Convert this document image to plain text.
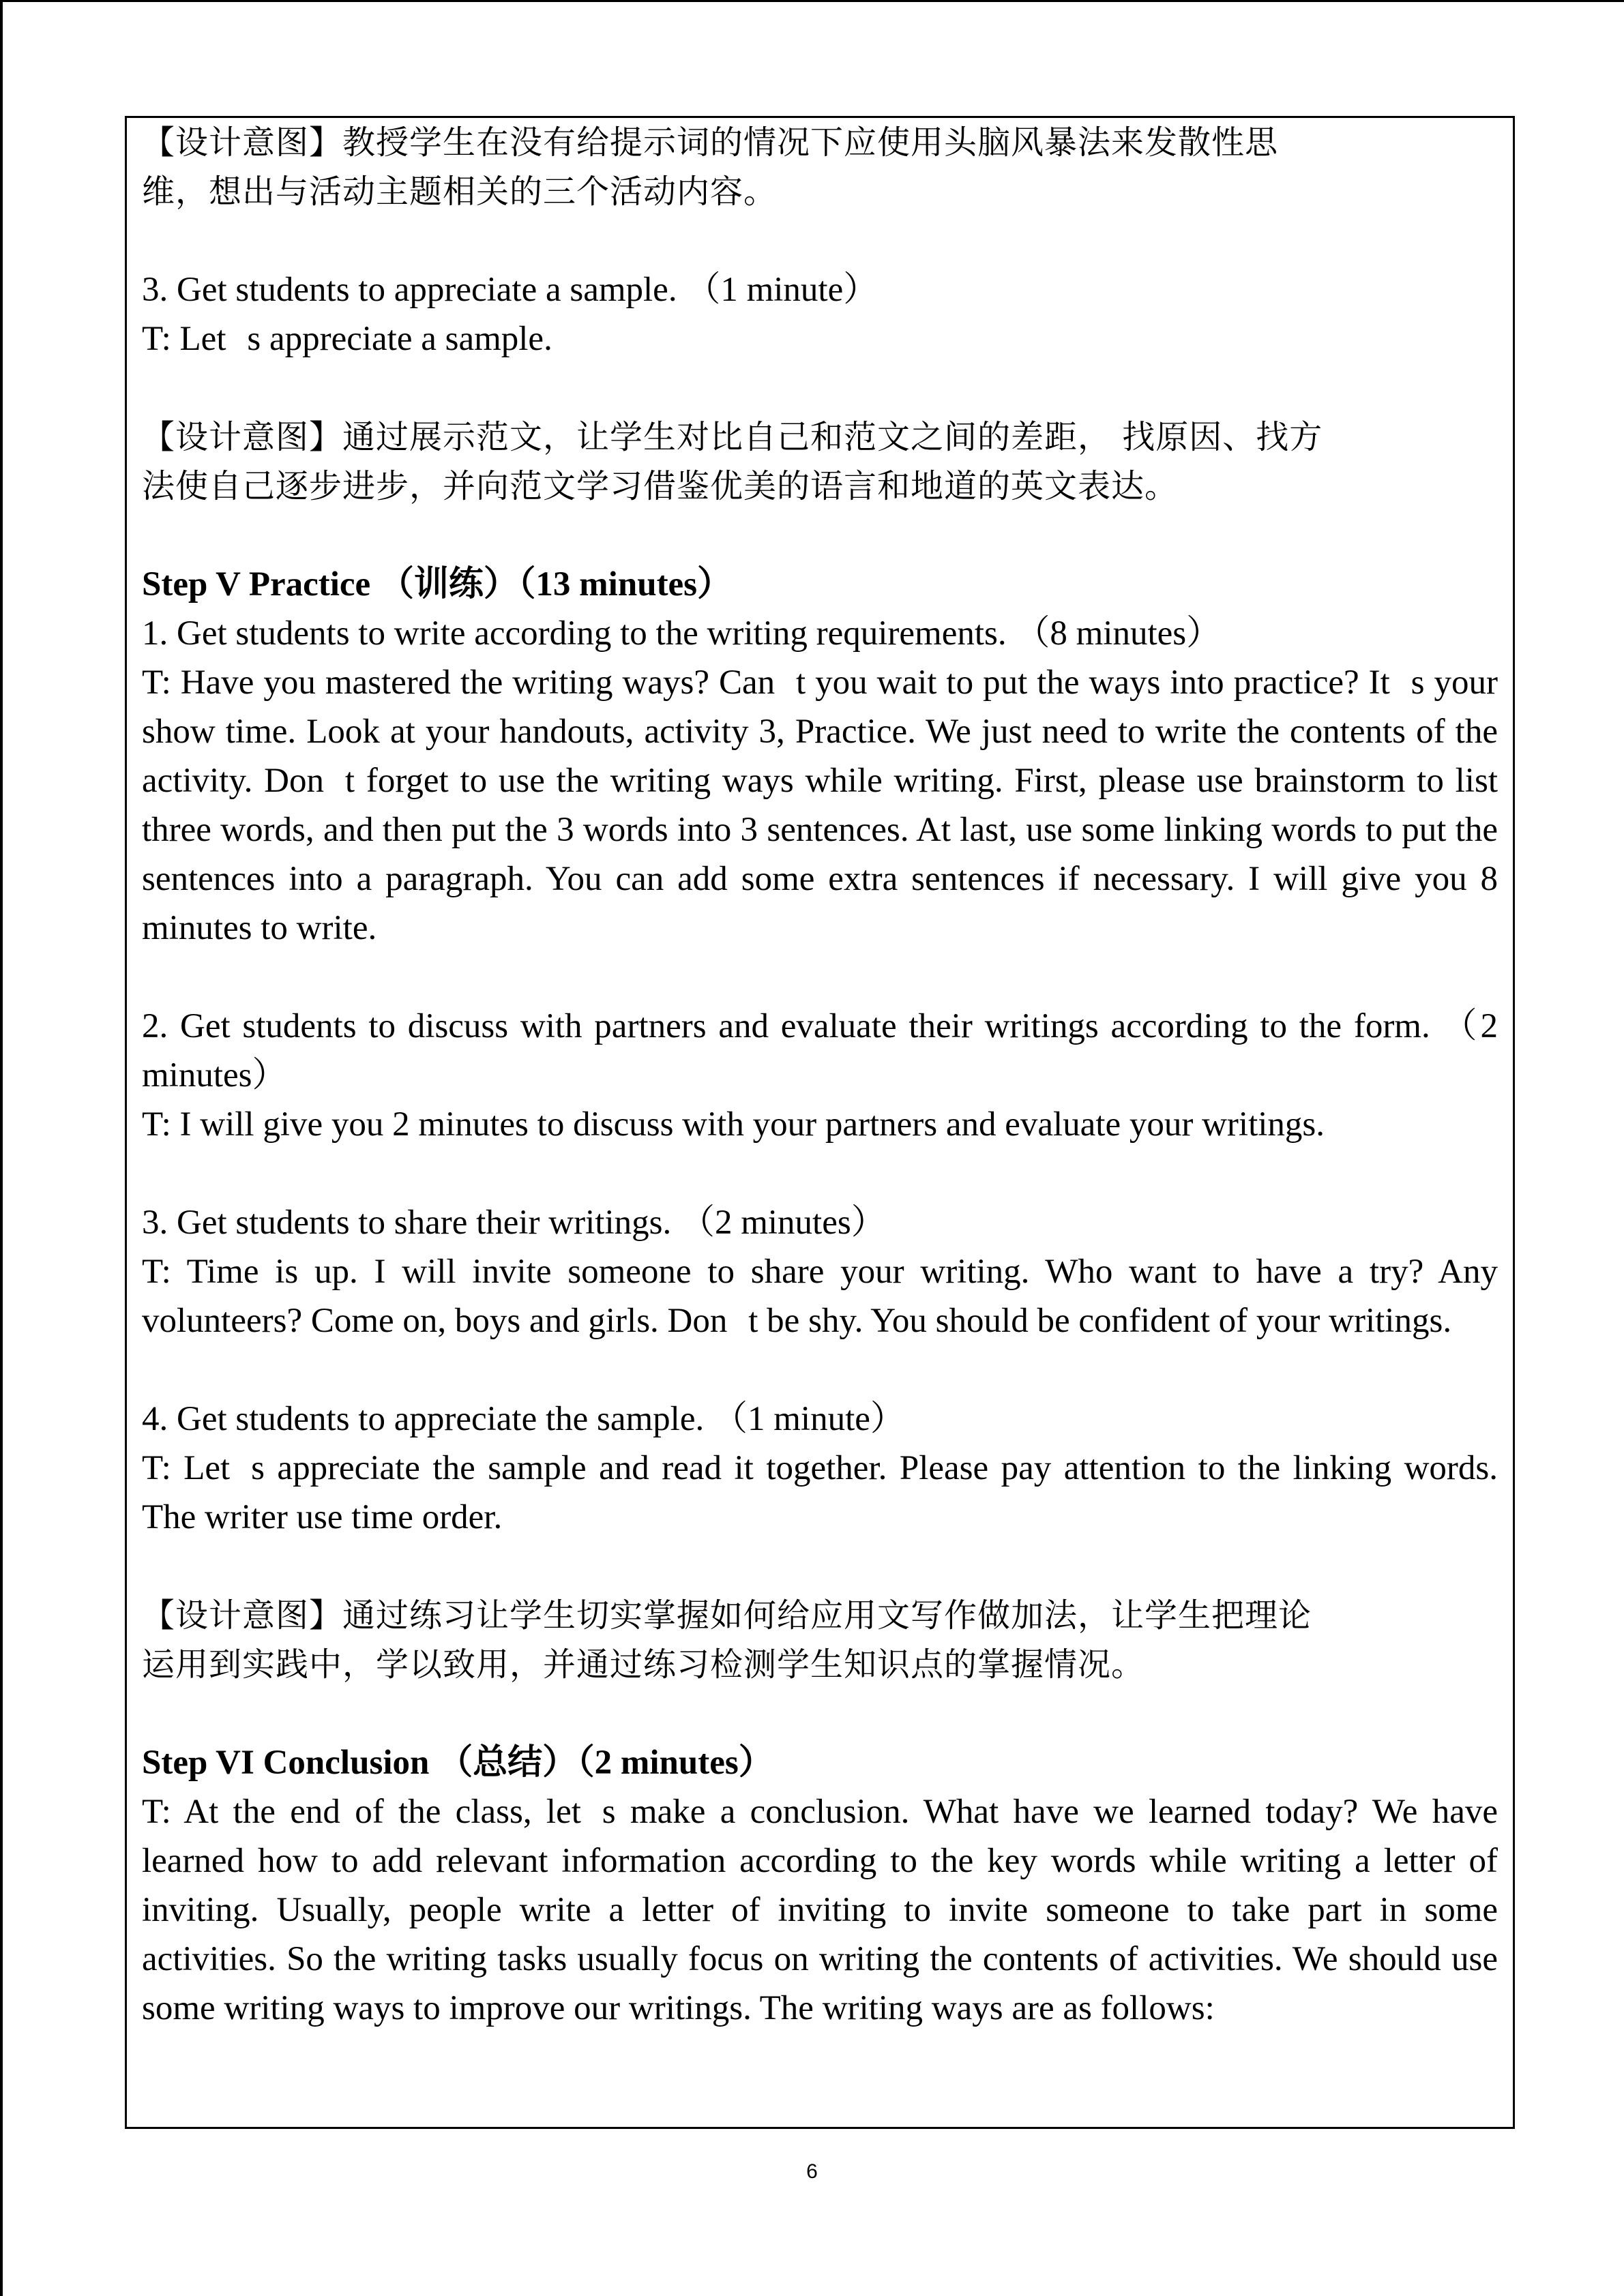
【设计意图】教授学生在没有给提示词的情况下应使用头脑风暴法来发散性思
维，想出与活动主题相关的三个活动内容。

3. Get students to appreciate a sample. （1 minute）
T: Lets appreciate a sample.

【设计意图】通过展示范文，让学生对比自己和范文之间的差距， 找原因、找方
法使自己逐步进步，并向范文学习借鉴优美的语言和地道的英文表达。

Step V Practice （训练）（13 minutes）

1. Get students to write according to the writing requirements. （8 minutes）

T: Have you mastered the writing ways? Cant you wait to put the ways into practice? Its your show time. Look at your handouts, activity 3, Practice. We just need to write the contents of the activity. Dont forget to use the writing ways while writing. First, please use brainstorm to list three words, and then put the 3 words into 3 sentences. At last, use some linking words to put the sentences into a paragraph. You can add some extra sentences if necessary. I will give you 8 minutes to write.

2. Get students to discuss with partners and evaluate their writings according to the form. （2 minutes）

T: I will give you 2 minutes to discuss with your partners and evaluate your writings.

3. Get students to share their writings. （2 minutes）

T: Time is up. I will invite someone to share your writing. Who want to have a try? Any volunteers? Come on, boys and girls. Dont be shy. You should be confident of your writings.

4. Get students to appreciate the sample. （1 minute）

T: Lets appreciate the sample and read it together. Please pay attention to the linking words. The writer use time order.

【设计意图】通过练习让学生切实掌握如何给应用文写作做加法，让学生把理论
运用到实践中，学以致用，并通过练习检测学生知识点的掌握情况。

Step VI Conclusion （总结）（2 minutes）

T: At the end of the class, lets make a conclusion. What have we learned today? We have learned how to add relevant information according to the key words while writing a letter of inviting. Usually, people write a letter of inviting to invite someone to take part in some activities. So the writing tasks usually focus on writing the contents of activities. We should use some writing ways to improve our writings. The writing ways are as follows:

6
